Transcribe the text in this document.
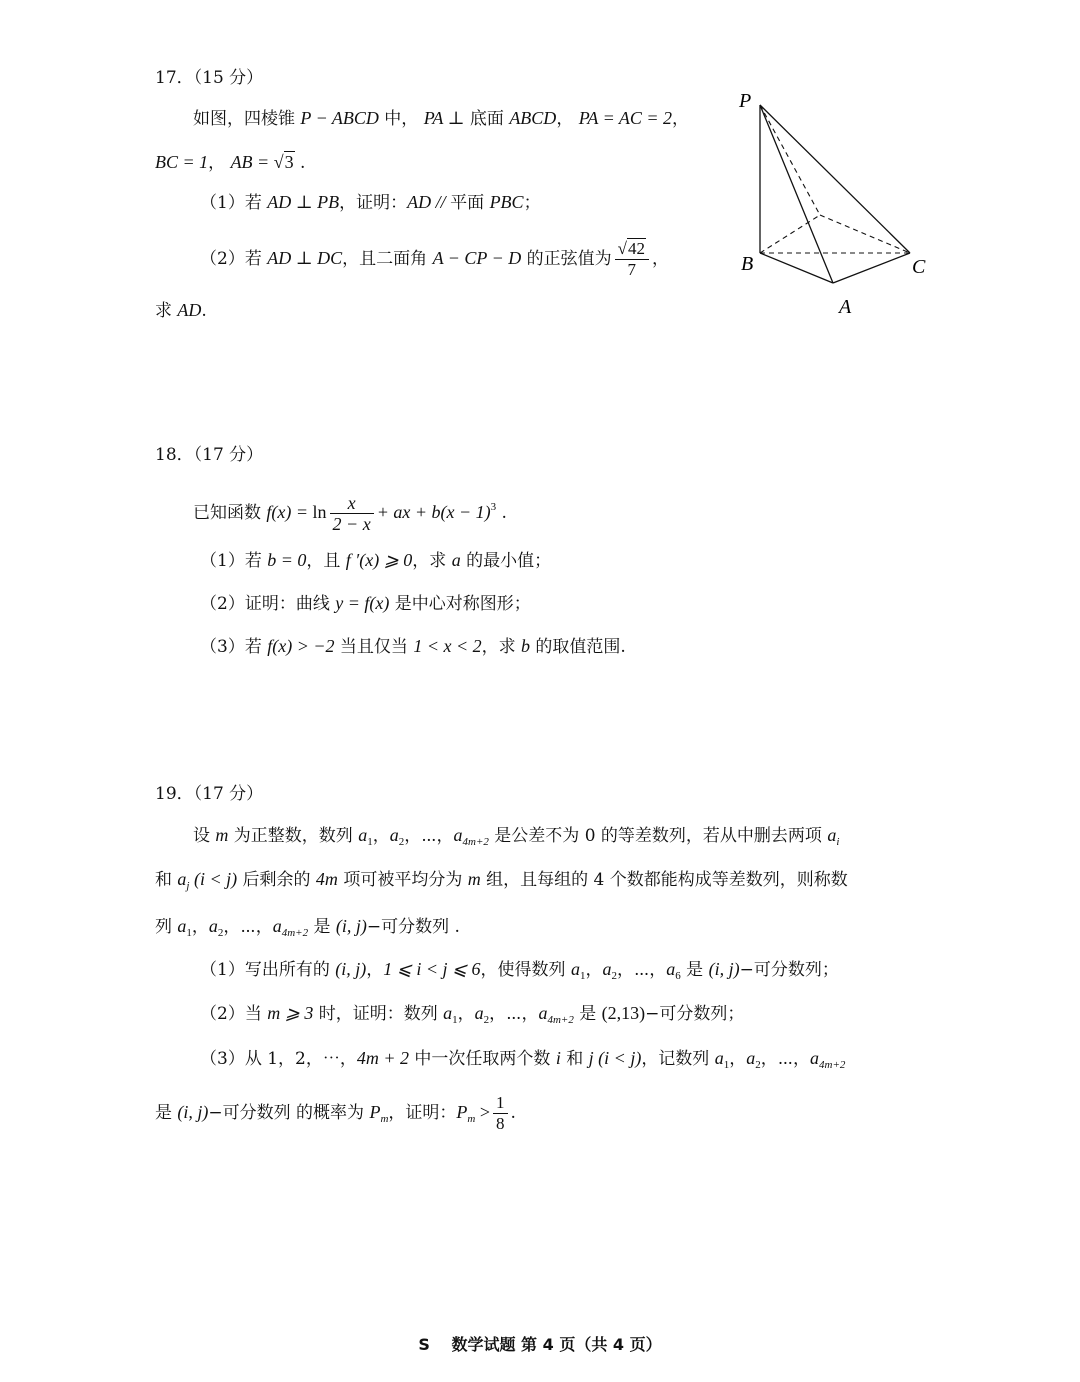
17．（15 分）
如图，四棱锥 P − ABCD 中， PA ⊥ 底面 ABCD， PA = AC = 2，
BC = 1， AB = √3 .
（1）若 AD ⊥ PB，证明：AD // 平面 PBC；
（2）若 AD ⊥ DC，且二面角 A − CP − D 的正弦值为 $\frac{√42}{7}$ ，
求 AD.
P
B	C
A
18．（17 分）
已知函数 $f(x) = \ln \frac{x}{2 - x}$ + ax + $b(x - 1)^3$ .
（1）若 b = 0，且 f ′(x) ⩾ 0，求 a 的最小值；
（2）证明：曲线 y = f(x) 是中心对称图形；
（3）若 f(x) > −2 当且仅当 1 < x < 2，求 b 的取值范围.
19．（17 分）
设 m 为正整数，数列 $a_1$，$a_2$，⋯，$a_{4m+2}$ 是公差不为 0 的等差数列，若从中删去两项 $a_i$
和 $a_j$ (i < j) 后剩余的 4m 项可被平均分为 m 组，且每组的 4 个数都能构成等差数列，则称数
列 $a_1$，$a_2$，⋯，$a_{4m+2}$ 是 (i, j)−可分数列 .
（1）写出所有的 (i, j)，1 ⩽ i < j ⩽ 6，使得数列 $a_1$，$a_2$，⋯，$a_6$ 是 (i, j)−可分数列；
（2）当 m ⩾ 3 时，证明：数列 $a_1$，$a_2$，⋯，$a_{4m+2}$ 是 (2,13)−可分数列；
（3）从 1，2，⋯，4m + 2 中一次任取两个数 i 和 j (i < j)，记数列 $a_1$，$a_2$，⋯，$a_{4m+2}$
是 (i, j)−可分数列 的概率为 $P_m$，证明：$P_m > \frac{1}{8}$ .
S　 数学试题 第 4 页（共 4 页）
